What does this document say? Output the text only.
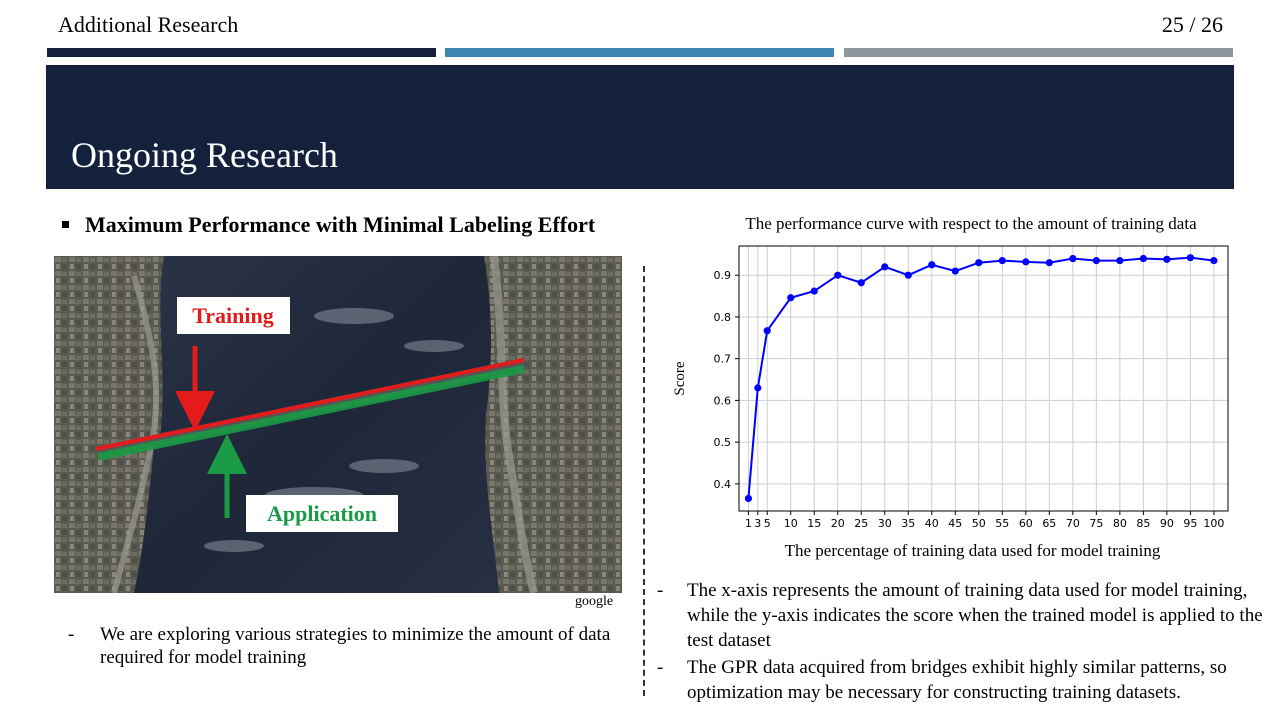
Additional Research	25 / 26
Ongoing Research
Maximum Performance with Minimal Labeling Effort
Training
Application
google
- We are exploring various strategies to minimize the amount of data required for model training
The performance curve with respect to the amount of training data
0.4
0.5
0.6
0.7
0.8
0.9
1 3 5 10 15 20 25 30 35 40 45 50 55 60 65 70 75 80 85 90 95 100
Score
The percentage of training data used for model training
- The x-axis represents the amount of training data used for model training, while the y-axis indicates the score when the trained model is applied to the test dataset
- The GPR data acquired from bridges exhibit highly similar patterns, so optimization may be necessary for constructing training datasets.
